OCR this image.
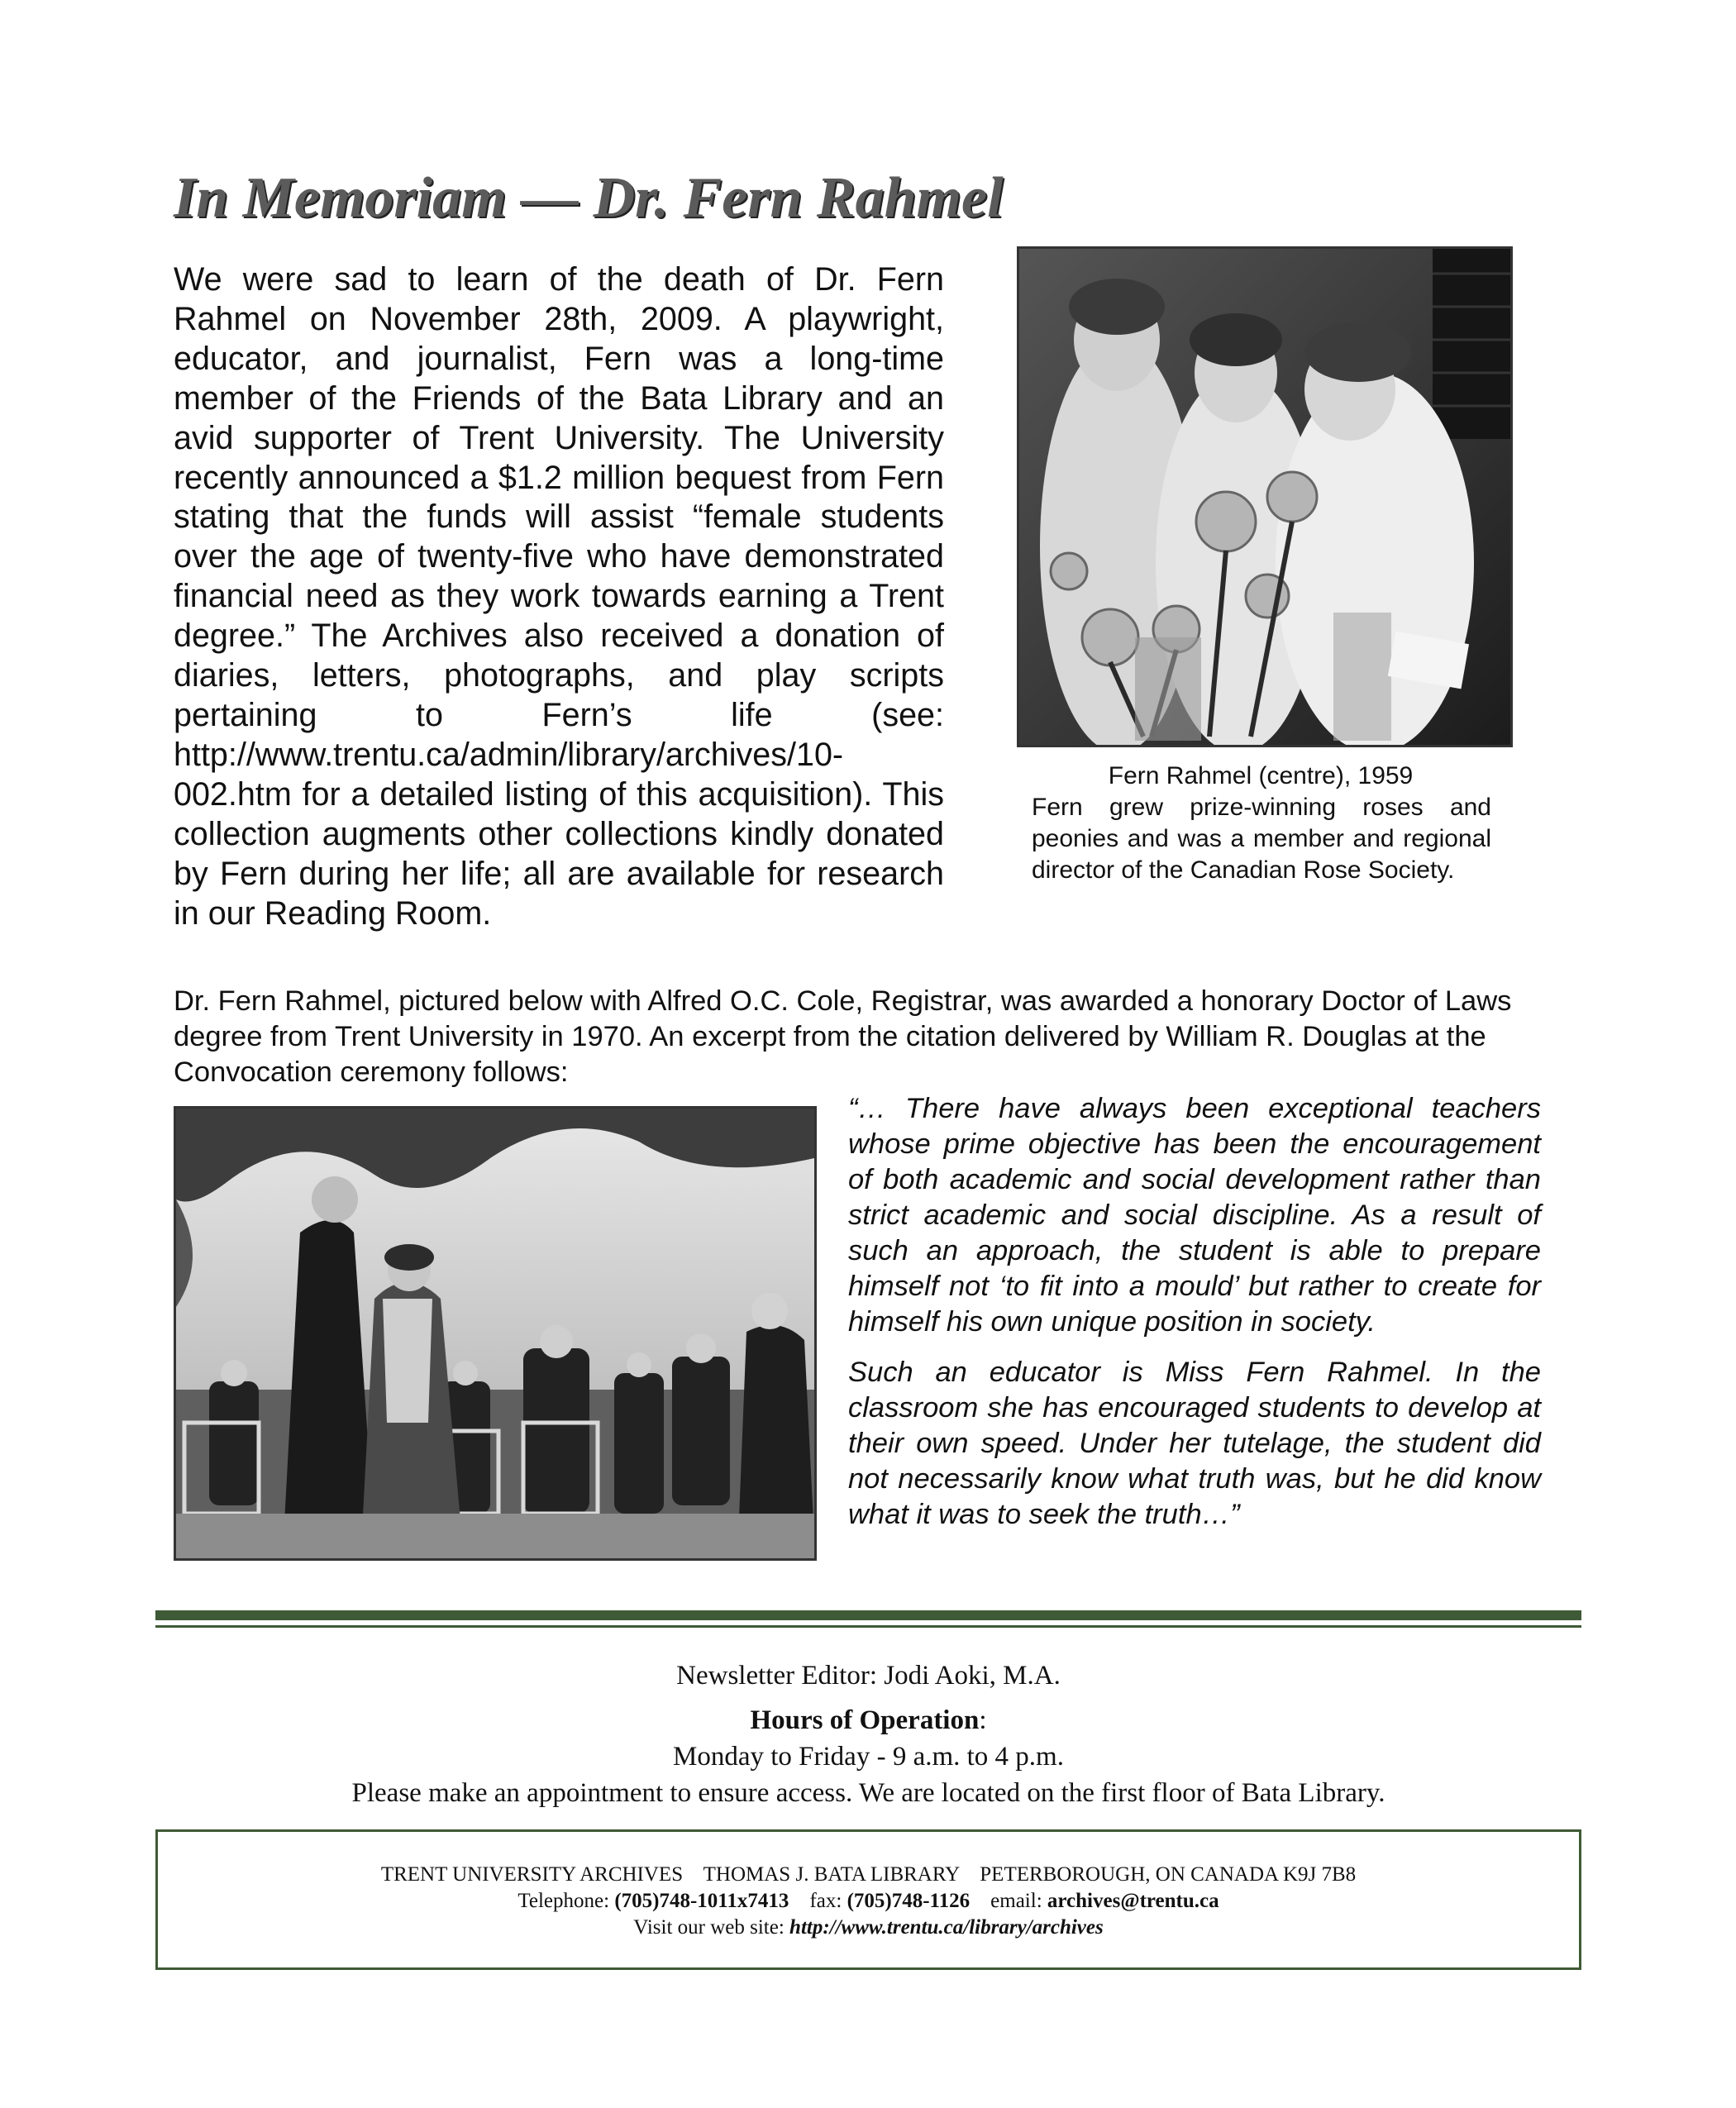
In Memoriam — Dr. Fern Rahmel

We were sad to learn of the death of Dr. Fern Rahmel on November 28th, 2009. A playwright, educator, and journalist, Fern was a long-time member of the Friends of the Bata Library and an avid supporter of Trent University. The University recently announced a $1.2 million bequest from Fern stating that the funds will assist “female students over the age of twenty-five who have demonstrated financial need as they work towards earning a Trent degree.” The Archives also received a donation of diaries, letters, photographs, and play scripts pertaining to Fern’s life (see: http://www.trentu.ca/admin/library/archives/10-002.htm for a detailed listing of this acquisition). This collection augments other collections kindly donated by Fern during her life; all are available for research in our Reading Room.

Fern Rahmel (centre), 1959

Fern grew prize-winning roses and peonies and was a member and regional director of the Canadian Rose Society.

Dr. Fern Rahmel, pictured below with Alfred O.C. Cole, Registrar, was awarded a honorary Doctor of Laws degree from Trent University in 1970. An excerpt from the citation delivered by William R. Douglas at the Convocation ceremony follows:

“… There have always been exceptional teachers whose prime objective has been the encouragement of both academic and social development rather than strict academic and social discipline. As a result of such an approach, the student is able to prepare himself not ‘to fit into a mould’ but rather to create for himself his own unique position in society.

Such an educator is Miss Fern Rahmel. In the classroom she has encouraged students to develop at their own speed. Under her tutelage, the student did not necessarily know what truth was, but he did know what it was to seek the truth…”

Newsletter Editor: Jodi Aoki, M.A.

Hours of Operation:

Monday to Friday - 9 a.m. to 4 p.m.

Please make an appointment to ensure access. We are located on the first floor of Bata Library.

TRENT UNIVERSITY ARCHIVES    THOMAS J. BATA LIBRARY    PETERBOROUGH, ON CANADA K9J 7B8

Telephone: (705)748-1011x7413    fax: (705)748-1126    email: archives@trentu.ca

Visit our web site: http://www.trentu.ca/library/archives
